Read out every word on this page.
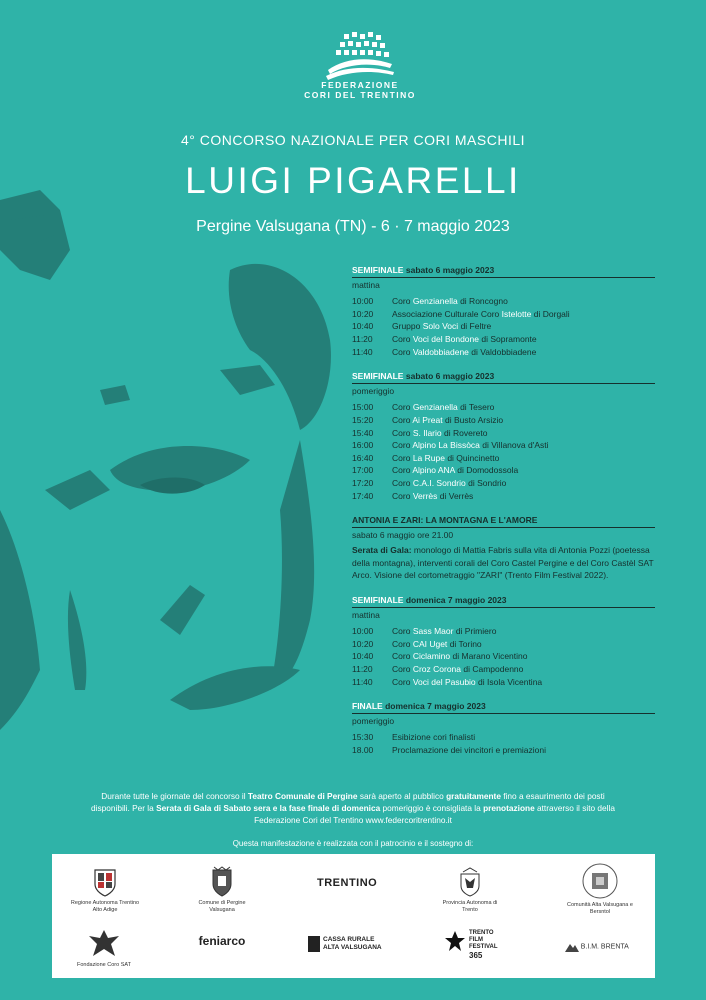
FEDERAZIONE
CORI DEL TRENTINO
4° CONCORSO NAZIONALE PER CORI MASCHILI
LUIGI PIGARELLI
Pergine Valsugana (TN) - 6 · 7 maggio 2023
SEMIFINALE sabato 6 maggio 2023
mattina
10:00	Coro Genzianella di Roncogno
10:20	Associazione Culturale Coro Istelotte di Dorgali
10:40	Gruppo Solo Voci di Feltre
11:20	Coro Voci del Bondone di Sopramonte
11:40	Coro Valdobbiadene di Valdobbiadene
SEMIFINALE sabato 6 maggio 2023
pomeriggio
15:00	Coro Genzianella di Tesero
15:20	Coro Ai Preat di Busto Arsizio
15:40	Coro S. Ilario di Rovereto
16:00	Coro Alpino La Bissòca di Villanova d'Asti
16:40	Coro La Rupe di Quincinetto
17:00	Coro Alpino ANA di Domodossola
17:20	Coro C.A.I. Sondrio di Sondrio
17:40	Coro Verrès di Verrès
ANTONIA E ZARI: LA MONTAGNA E L'AMORE
sabato 6 maggio ore 21.00
Serata di Gala: monologo di Mattia Fabris sulla vita di Antonia Pozzi (poetessa della montagna), interventi corali del Coro Castel Pergine e del Coro Castèl SAT Arco. Visione del cortometraggio "ZARI" (Trento Film Festival 2022).
SEMIFINALE domenica 7 maggio 2023
mattina
10:00	Coro Sass Maor di Primiero
10:20	Coro CAI Uget di Torino
10:40	Coro Ciclamino di Marano Vicentino
11:20	Coro Croz Corona di Campodenno
11:40	Coro Voci del Pasubio di Isola Vicentina
FINALE domenica 7 maggio 2023
pomeriggio
15:30	Esibizione cori finalisti
18.00	Proclamazione dei vincitori e premiazioni
Durante tutte le giornate del concorso il Teatro Comunale di Pergine sarà aperto al pubblico gratuitamente fino a esaurimento dei posti disponibili. Per la Serata di Gala di Sabato sera e la fase finale di domenica pomeriggio è consigliata la prenotazione attraverso il sito della Federazione Cori del Trentino www.federcoritrentino.it
Questa manifestazione è realizzata con il patrocinio e il sostegno di:
Regione Autonoma Trentino Alto Adige
Comune di Pergine Valsugana
TRENTINO
Provincia Autonoma di Trento
Comunità Alta Valsugana e Bersntol
Fondazione Coro SAT
feniarco	CASSA RURALE
ALTA VALSUGANA
TRENTO
FILM
FESTIVAL
365
B.I.M. BRENTA
